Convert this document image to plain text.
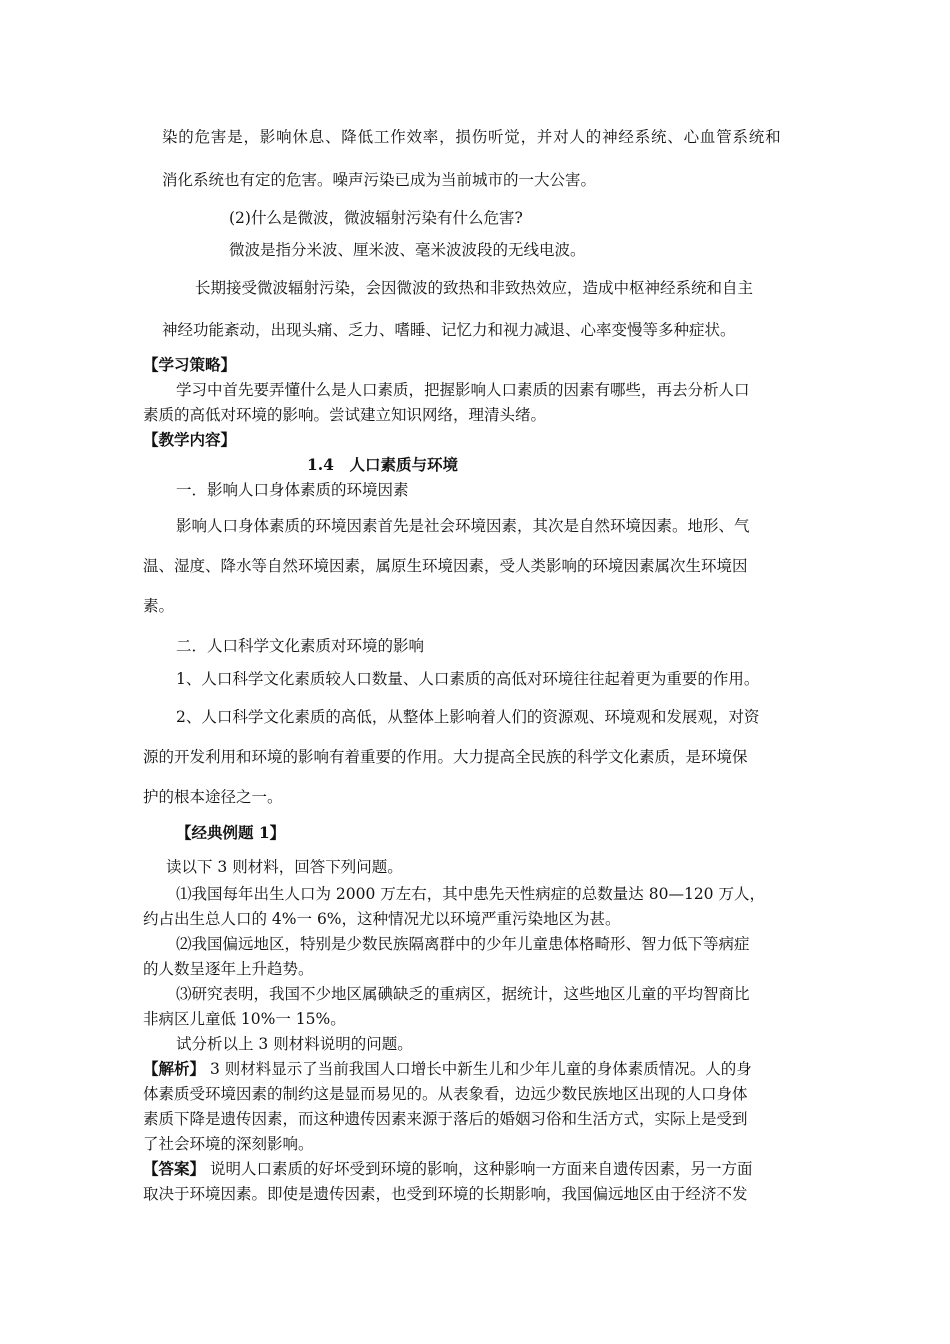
染的危害是，影响休息、降低工作效率，损伤听觉，并对人的神经系统、心血管系统和
消化系统也有定的危害。噪声污染已成为当前城市的一大公害。
(2)什么是微波，微波辐射污染有什么危害?
微波是指分米波、厘米波、毫米波波段的无线电波。
长期接受微波辐射污染，会因微波的致热和非致热效应，造成中枢神经系统和自主
神经功能紊动，出现头痛、乏力、嗜睡、记忆力和视力减退、心率变慢等多种症状。
【学习策略】
学习中首先要弄懂什么是人口素质，把握影响人口素质的因素有哪些，再去分析人口
素质的高低对环境的影响。尝试建立知识网络，理清头绪。
【教学内容】
1.4　人口素质与环境
一．影响人口身体素质的环境因素
影响人口身体素质的环境因素首先是社会环境因素，其次是自然环境因素。地形、气
温、湿度、降水等自然环境因素，属原生环境因素，受人类影响的环境因素属次生环境因
素。
二．人口科学文化素质对环境的影响
1、人口科学文化素质较人口数量、人口素质的高低对环境往往起着更为重要的作用。
2、人口科学文化素质的高低，从整体上影响着人们的资源观、环境观和发展观，对资
源的开发利用和环境的影响有着重要的作用。大力提高全民族的科学文化素质，是环境保
护的根本途径之一。
【经典例题 1】
读以下 3 则材料，回答下列问题。
⑴我国每年出生人口为 2000 万左右，其中患先天性病症的总数量达 80—120 万人，
约占出生总人口的 4%一 6%，这种情况尤以环境严重污染地区为甚。
⑵我国偏远地区，特别是少数民族隔离群中的少年儿童患体格畸形、智力低下等病症
的人数呈逐年上升趋势。
⑶研究表明，我国不少地区属碘缺乏的重病区，据统计，这些地区儿童的平均智商比
非病区儿童低 10%一 15%。
试分析以上 3 则材料说明的问题。
【解析】 3 则材料显示了当前我国人口增长中新生儿和少年儿童的身体素质情况。人的身
体素质受环境因素的制约这是显而易见的。从表象看，边远少数民族地区出现的人口身体
素质下降是遗传因素，而这种遗传因素来源于落后的婚姻习俗和生活方式，实际上是受到
了社会环境的深刻影响。
【答案】 说明人口素质的好坏受到环境的影响，这种影响一方面来自遗传因素，另一方面
取决于环境因素。即使是遗传因素，也受到环境的长期影响，我国偏远地区由于经济不发
